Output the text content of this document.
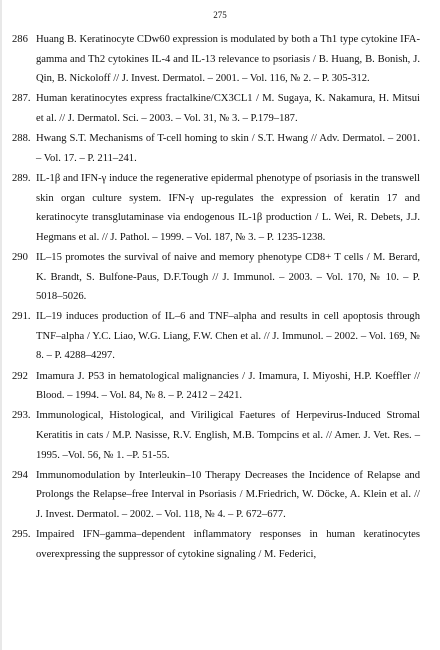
275
286 Huang B. Keratinocyte CDw60 expression is modulated by both a Th1 type cytokine IFA-gamma and Th2 cytokines IL-4 and IL-13 relevance to psoriasis / B. Huang, B. Bonish, J. Qin, B. Nickoloff // J. Invest. Dermatol. – 2001. – Vol. 116, № 2. – P. 305-312.
287. Human keratinocytes express fractalkine/CX3CL1 / M. Sugaya, K. Nakamura, H. Mitsui et al. // J. Dermatol. Sci. – 2003. – Vol. 31, № 3. – P.179–187.
288. Hwang S.T. Mechanisms of T-cell homing to skin / S.T. Hwang // Adv. Dermatol. – 2001. – Vol. 17. – P. 211–241.
289. IL-1β and IFN-γ induce the regenerative epidermal phenotype of psoriasis in the transwell skin organ culture system. IFN-γ up-regulates the expression of keratin 17 and keratinocyte transglutaminase via endogenous IL-1β production / L. Wei, R. Debets, J.J. Hegmans et al. // J. Pathol. – 1999. – Vol. 187, № 3. – P. 1235-1238.
290 IL–15 promotes the survival of naive and memory phenotype CD8+ T cells / M. Berard, K. Brandt, S. Bulfone-Paus, D.F.Tough // J. Immunol. – 2003. – Vol. 170, № 10. – P. 5018–5026.
291. IL–19 induces production of IL–6 and TNF–alpha and results in cell apoptosis through TNF–alpha / Y.C. Liao, W.G. Liang, F.W. Chen et al. // J. Immunol. – 2002. – Vol. 169, № 8. – P. 4288–4297.
292 Imamura J. P53 in hematological malignancies / J. Imamura, I. Miyoshi, H.P. Koeffler // Blood. – 1994. – Vol. 84, № 8. – P. 2412 – 2421.
293. Immunological, Histological, and Viriligical Faetures of Herpevirus-Induced Stromal Keratitis in cats / M.P. Nasisse, R.V. English, M.B. Tompcins et al. // Amer. J. Vet. Res. –1995. –Vol. 56, № 1. –P. 51-55.
294 Immunomodulation by Interleukin–10 Therapy Decreases the Incidence of Relapse and Prolongs the Relapse–free Interval in Psoriasis / M.Friedrich, W. Döcke, A. Klein et al. // J. Invest. Dermatol. – 2002. – Vol. 118, № 4. – P. 672–677.
295. Impaired IFN–gamma–dependent inflammatory responses in human keratinocytes overexpressing the suppressor of cytokine signaling / M. Federici,
